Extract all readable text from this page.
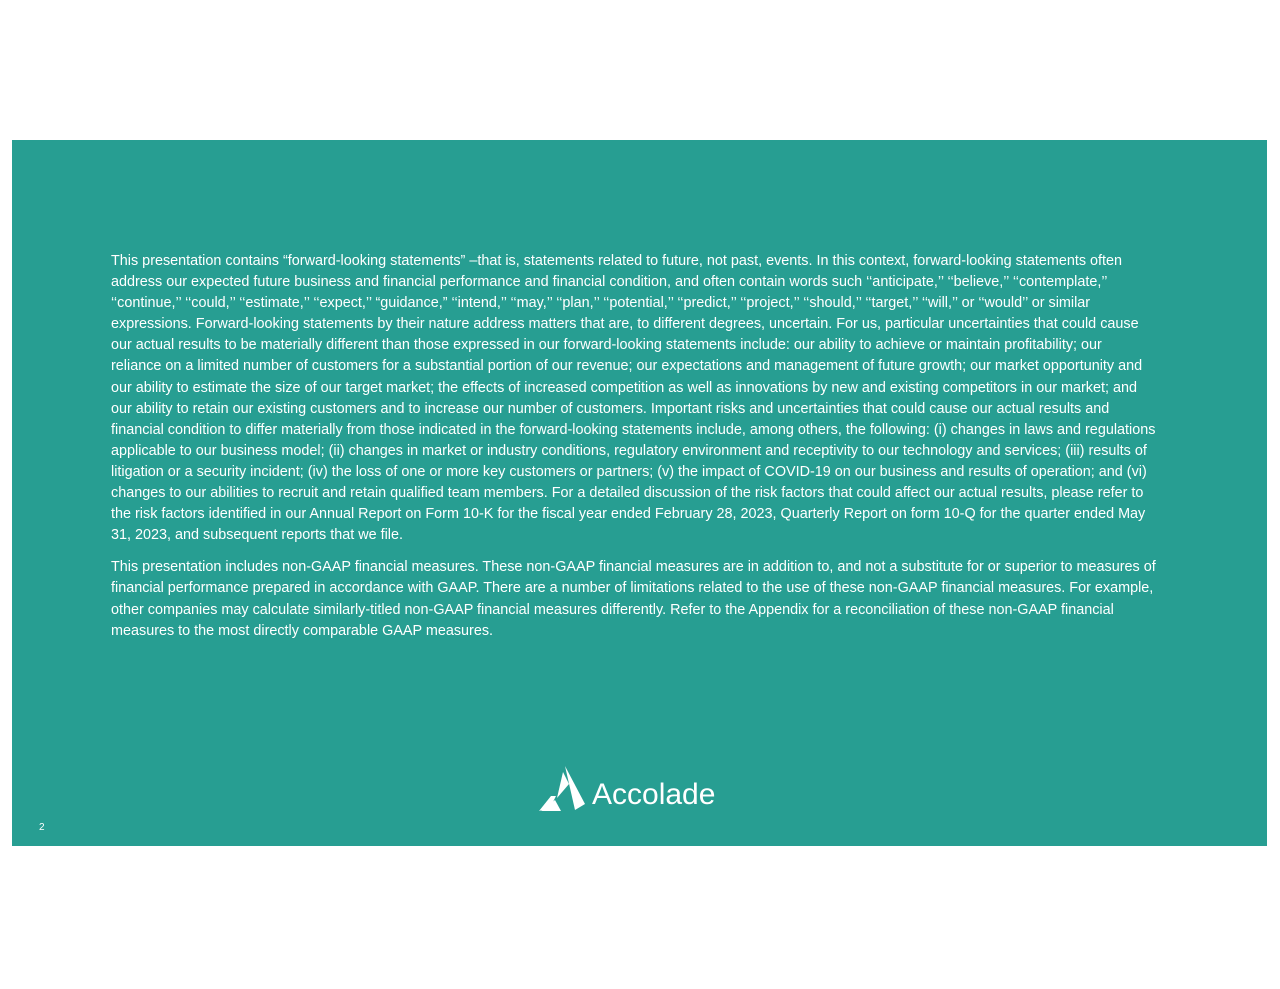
This presentation contains “forward-looking statements” –that is, statements related to future, not past, events. In this context, forward-looking statements often address our expected future business and financial performance and financial condition, and often contain words such ‘‘anticipate,’’ ‘‘believe,’’ ‘‘contemplate,’’ ‘‘continue,’’ ‘‘could,’’ ‘‘estimate,’’ ‘‘expect,’’ “guidance,” ‘‘intend,’’ ‘‘may,’’ ‘‘plan,’’ ‘‘potential,’’ ‘‘predict,’’ ‘‘project,’’ ‘‘should,’’ ‘‘target,’’ ‘‘will,’’ or ‘‘would’’ or similar expressions. Forward-looking statements by their nature address matters that are, to different degrees, uncertain. For us, particular uncertainties that could cause our actual results to be materially different than those expressed in our forward-looking statements include: our ability to achieve or maintain profitability; our reliance on a limited number of customers for a substantial portion of our revenue; our expectations and management of future growth; our market opportunity and our ability to estimate the size of our target market; the effects of increased competition as well as innovations by new and existing competitors in our market; and our ability to retain our existing customers and to increase our number of customers. Important risks and uncertainties that could cause our actual results and financial condition to differ materially from those indicated in the forward-looking statements include, among others, the following: (i) changes in laws and regulations applicable to our business model; (ii) changes in market or industry conditions, regulatory environment and receptivity to our technology and services; (iii) results of litigation or a security incident; (iv) the loss of one or more key customers or partners; (v) the impact of COVID-19 on our business and results of operation; and (vi) changes to our abilities to recruit and retain qualified team members. For a detailed discussion of the risk factors that could affect our actual results, please refer to the risk factors identified in our Annual Report on Form 10-K for the fiscal year ended February 28, 2023, Quarterly Report on form 10-Q for the quarter ended May 31, 2023, and subsequent reports that we file.

This presentation includes non-GAAP financial measures. These non-GAAP financial measures are in addition to, and not a substitute for or superior to measures of financial performance prepared in accordance with GAAP. There are a number of limitations related to the use of these non-GAAP financial measures. For example, other companies may calculate similarly-titled non-GAAP financial measures differently. Refer to the Appendix for a reconciliation of these non-GAAP financial measures to the most directly comparable GAAP measures.

Accolade
2
